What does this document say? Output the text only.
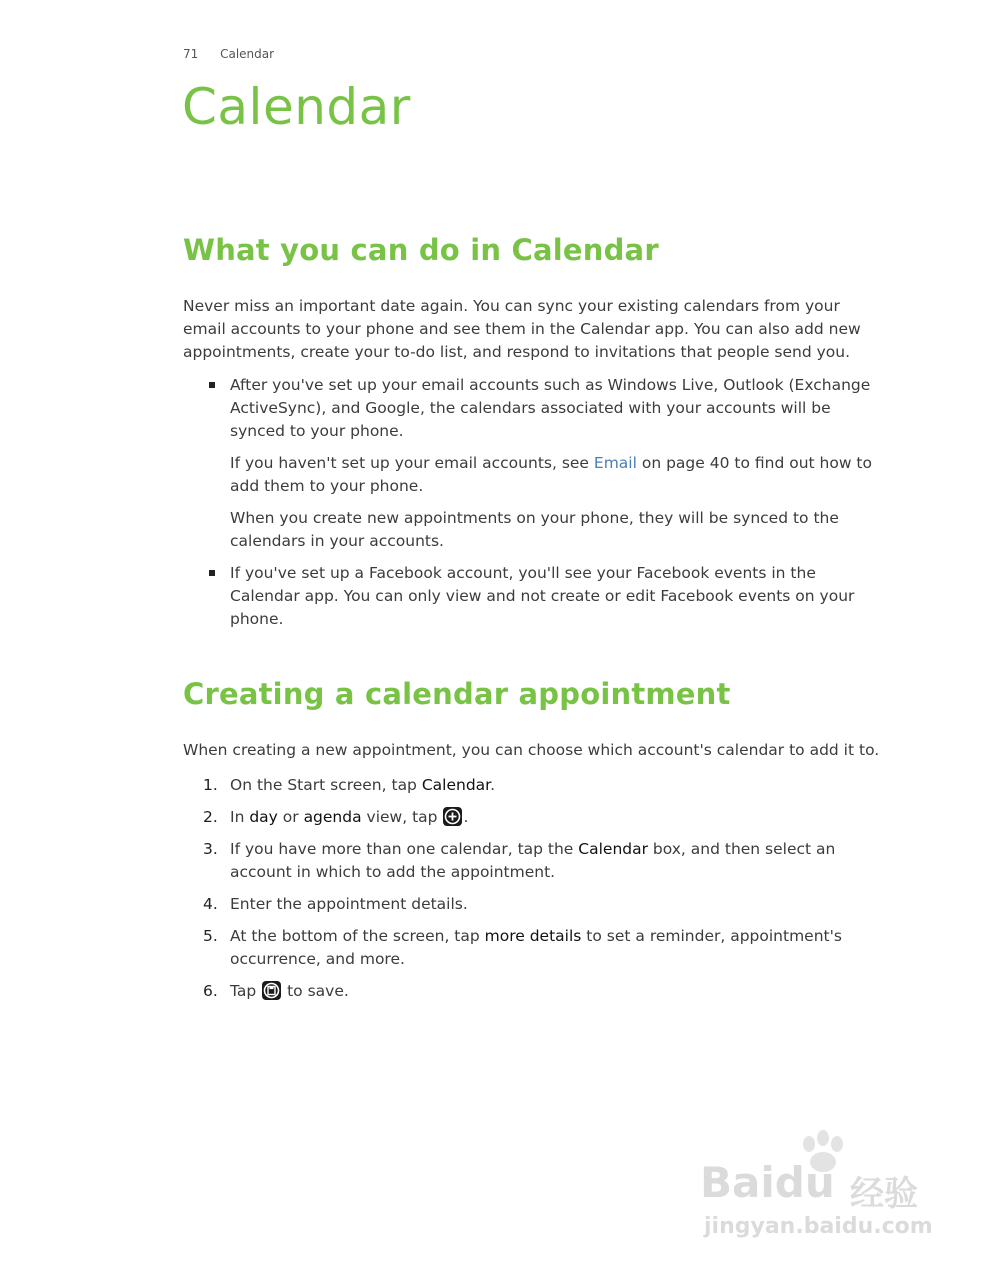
71 Calendar
Calendar
What you can do in Calendar

Never miss an important date again. You can sync your existing calendars from your email accounts to your phone and see them in the Calendar app. You can also add new appointments, create your to-do list, and respond to invitations that people send you.

After you've set up your email accounts such as Windows Live, Outlook (Exchange ActiveSync), and Google, the calendars associated with your accounts will be synced to your phone.

If you haven't set up your email accounts, see Email on page 40 to find out how to add them to your phone.

When you create new appointments on your phone, they will be synced to the calendars in your accounts.

If you've set up a Facebook account, you'll see your Facebook events in the Calendar app. You can only view and not create or edit Facebook events on your phone.

Creating a calendar appointment

When creating a new appointment, you can choose which account's calendar to add it to.

1. On the Start screen, tap Calendar.
2. In day or agenda view, tap
.
3. If you have more than one calendar, tap the Calendar box, and then select an account in which to add the appointment.
4. Enter the appointment details.
5. At the bottom of the screen, tap more details to set a reminder, appointment's occurrence, and more.
6. Tap
to save.
Baidu 经验
jingyan.baidu.com
